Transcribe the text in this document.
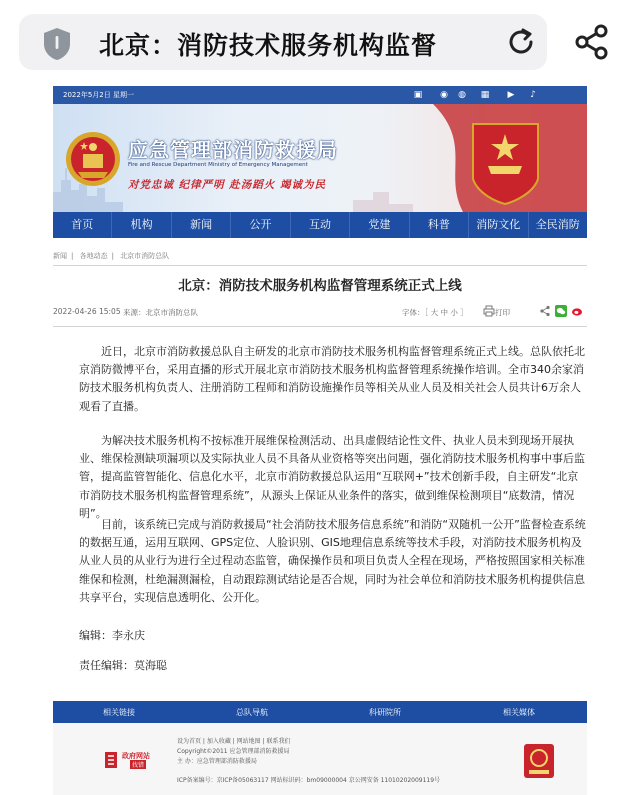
北京：消防技术服务机构监督
2022年5月2日 星期一	▣ ◉ ◍ ▦ ▶	♪
应急管理部消防救援局
Fire and Rescue Department Ministry of Emergency Management
对党忠诚 纪律严明 赴汤蹈火 竭诚为民
首页	机构	新闻	公开	互动	党建	科普	消防文化	全民消防
新闻 | 各地动态 | 北京市消防总队
北京：消防技术服务机构监督管理系统正式上线
2022-04-26 15:05 来源：北京市消防总队	字体：［ 大 中 小 ］	打印

近日，北京市消防救援总队自主研发的北京市消防技术服务机构监督管理系统正式上线。总队依托北京消防微博平台，采用直播的形式开展北京市消防技术服务机构监督管理系统操作培训。全市340余家消防技术服务机构负责人、注册消防工程师和消防设施操作员等相关从业人员及相关社会人员共计6万余人观看了直播。

为解决技术服务机构不按标准开展维保检测活动、出具虚假结论性文件、执业人员未到现场开展执业、维保检测缺项漏项以及实际执业人员不具备从业资格等突出问题，强化消防技术服务机构事中事后监管，提高监管智能化、信息化水平，北京市消防救援总队运用“互联网+”技术创新手段，自主研发“北京市消防技术服务机构监督管理系统”，从源头上保证从业条件的落实，做到维保检测项目“底数清，情况明”。

目前，该系统已完成与消防救援局“社会消防技术服务信息系统”和消防“双随机一公开”监督检查系统的数据互通，运用互联网、GPS定位、人脸识别、GIS地理信息系统等技术手段，对消防技术服务机构及从业人员的从业行为进行全过程动态监管，确保操作员和项目负责人全程在现场，严格按照国家相关标准维保和检测，杜绝漏测漏检，自动跟踪测试结论是否合规，同时为社会单位和消防技术服务机构提供信息共享平台，实现信息透明化、公开化。

编辑：李永庆
责任编辑：莫海聪
相关链接	总队导航	科研院所	相关媒体
政府网站
找错
设为首页 | 加入收藏 | 网站地图 | 联系我们
Copyright©2011 应急管理部消防救援局
主 办：应急管理部消防救援局
ICP备案编号：京ICP备05063117 网站标识码：bm09000004 京公网安备 11010202009119号
